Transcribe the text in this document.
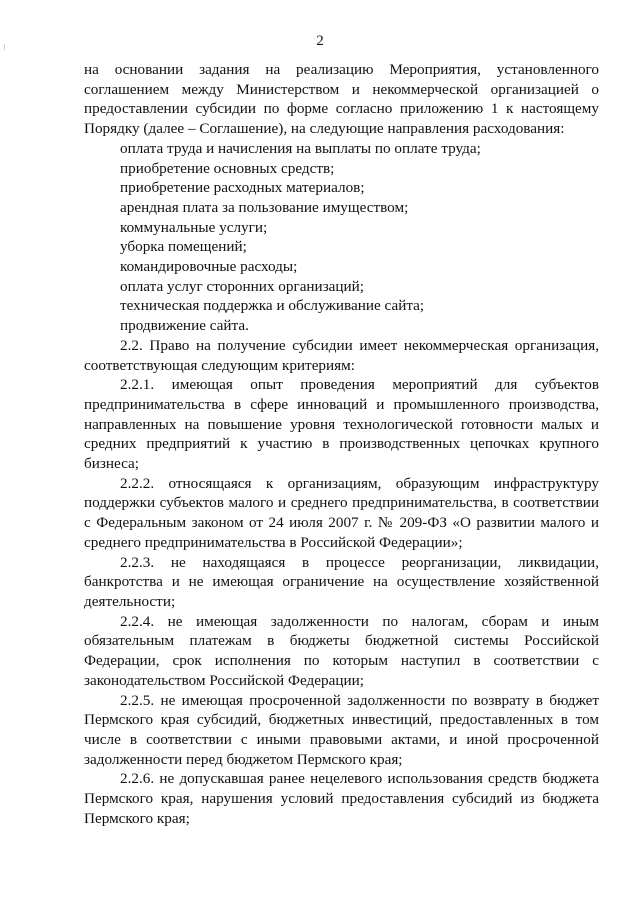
2

на основании задания на реализацию Мероприятия, установленного соглашением между Министерством и некоммерческой организацией о предоставлении субсидии по форме согласно приложению 1 к настоящему Порядку (далее – Соглашение), на следующие направления расходования:

оплата труда и начисления на выплаты по оплате труда;

приобретение основных средств;

приобретение расходных материалов;

арендная плата за пользование имуществом;

коммунальные услуги;

уборка помещений;

командировочные расходы;

оплата услуг сторонних организаций;

техническая поддержка и обслуживание сайта;

продвижение сайта.

2.2. Право на получение субсидии имеет некоммерческая организация, соответствующая следующим критериям:

2.2.1. имеющая опыт проведения мероприятий для субъектов предпринимательства в сфере инноваций и промышленного производства, направленных на повышение уровня технологической готовности малых и средних предприятий к участию в производственных цепочках крупного бизнеса;

2.2.2. относящаяся к организациям, образующим инфраструктуру поддержки субъектов малого и среднего предпринимательства, в соответствии с Федеральным законом от 24 июля 2007 г. № 209-ФЗ «О развитии малого и среднего предпринимательства в Российской Федерации»;

2.2.3. не находящаяся в процессе реорганизации, ликвидации, банкротства и не имеющая ограничение на осуществление хозяйственной деятельности;

2.2.4. не имеющая задолженности по налогам, сборам и иным обязательным платежам в бюджеты бюджетной системы Российской Федерации, срок исполнения по которым наступил в соответствии с законодательством Российской Федерации;

2.2.5. не имеющая просроченной задолженности по возврату в бюджет Пермского края субсидий, бюджетных инвестиций, предоставленных в том числе в соответствии с иными правовыми актами, и иной просроченной задолженности перед бюджетом Пермского края;

2.2.6. не допускавшая ранее нецелевого использования средств бюджета Пермского края, нарушения условий предоставления субсидий из бюджета Пермского края;
